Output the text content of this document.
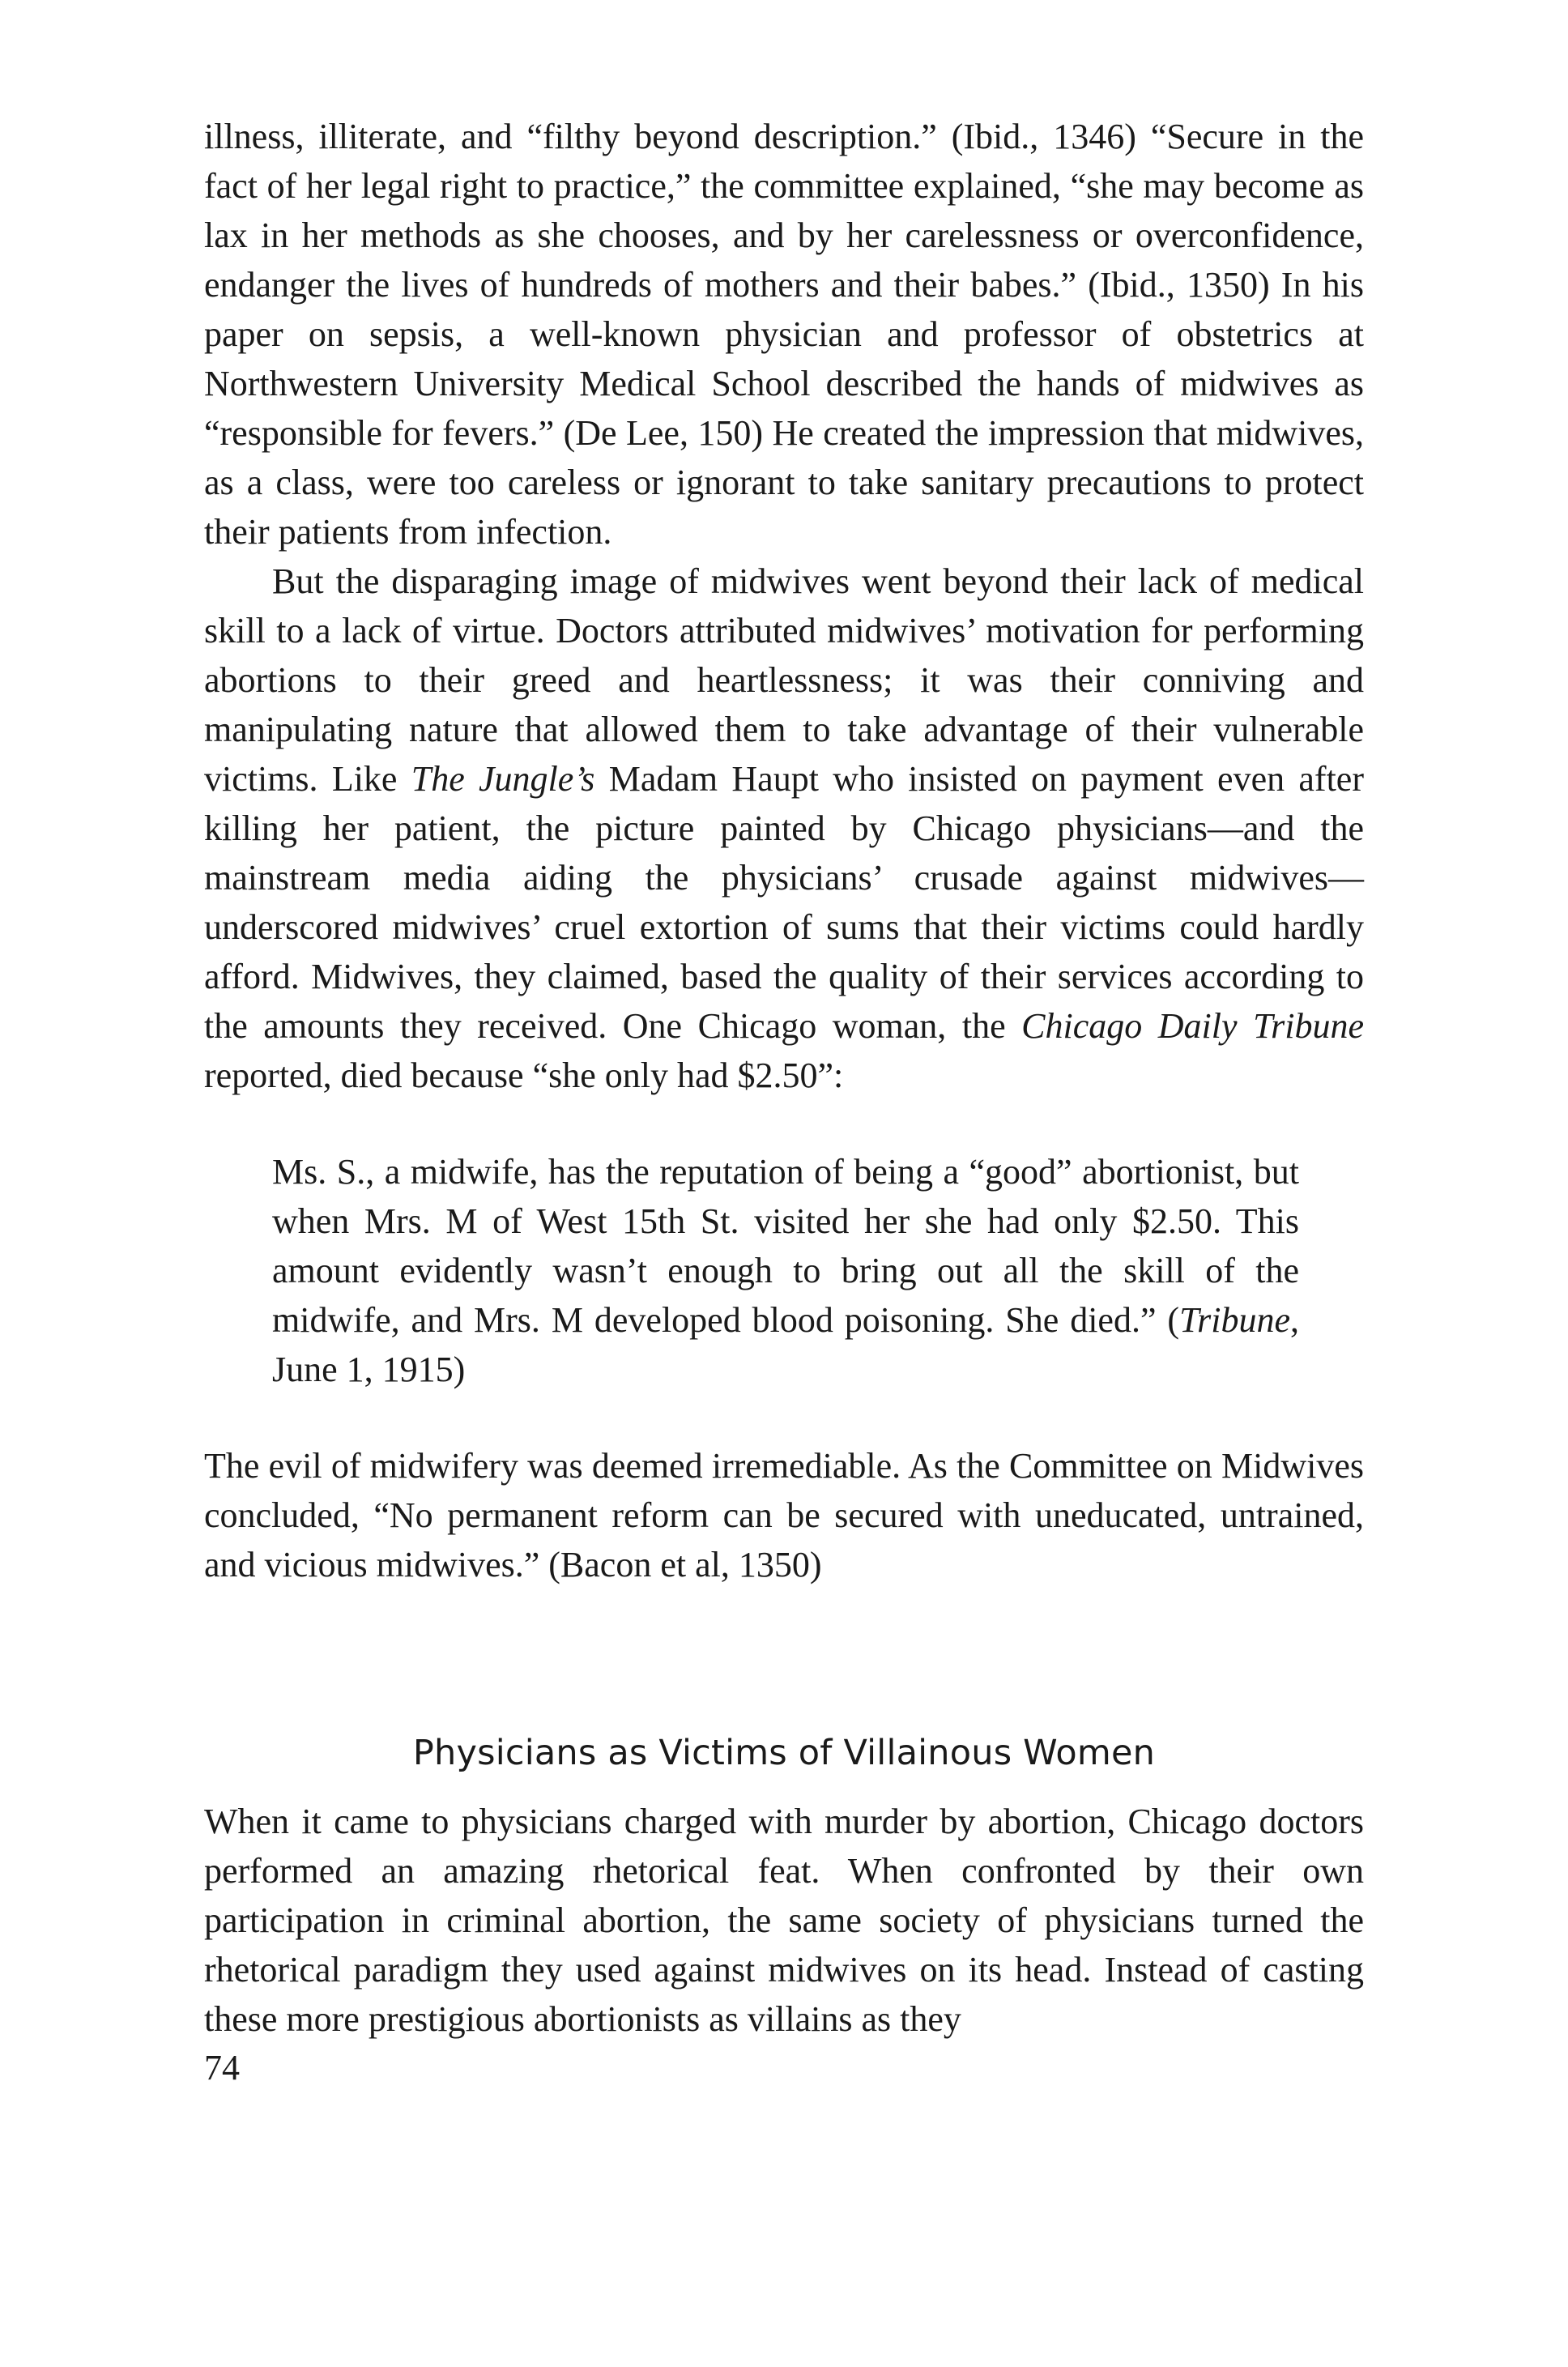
illness, illiterate, and “filthy beyond description.” (Ibid., 1346) “Secure in the fact of her legal right to practice,” the committee explained, “she may become as lax in her methods as she chooses, and by her carelessness or overconfidence, endanger the lives of hundreds of mothers and their babes.” (Ibid., 1350) In his paper on sepsis, a well-known physician and professor of obstetrics at Northwestern University Medical School described the hands of midwives as “responsible for fevers.” (De Lee, 150) He created the impression that midwives, as a class, were too careless or ignorant to take sanitary precautions to protect their patients from infection.

But the disparaging image of midwives went beyond their lack of medical skill to a lack of virtue. Doctors attributed midwives’ motivation for performing abortions to their greed and heartlessness; it was their conniving and manipulating nature that allowed them to take advantage of their vulnerable victims. Like The Jungle’s Madam Haupt who insisted on payment even after killing her patient, the picture painted by Chicago physicians—and the mainstream media aiding the physicians’ crusade against midwives—underscored midwives’ cruel extortion of sums that their victims could hardly afford. Midwives, they claimed, based the quality of their services according to the amounts they received. One Chicago woman, the Chicago Daily Tribune reported, died because “she only had $2.50”:

Ms. S., a midwife, has the reputation of being a “good” abortionist, but when Mrs. M of West 15th St. visited her she had only $2.50. This amount evidently wasn’t enough to bring out all the skill of the midwife, and Mrs. M developed blood poisoning. She died.” (Tribune, June 1, 1915)

The evil of midwifery was deemed irremediable. As the Committee on Midwives concluded, “No permanent reform can be secured with uneducated, untrained, and vicious midwives.” (Bacon et al, 1350)

Physicians as Victims of Villainous Women

When it came to physicians charged with murder by abortion, Chicago doctors performed an amazing rhetorical feat. When confronted by their own participation in criminal abortion, the same society of physicians turned the rhetorical paradigm they used against midwives on its head. Instead of casting these more prestigious abortionists as villains as they

74
